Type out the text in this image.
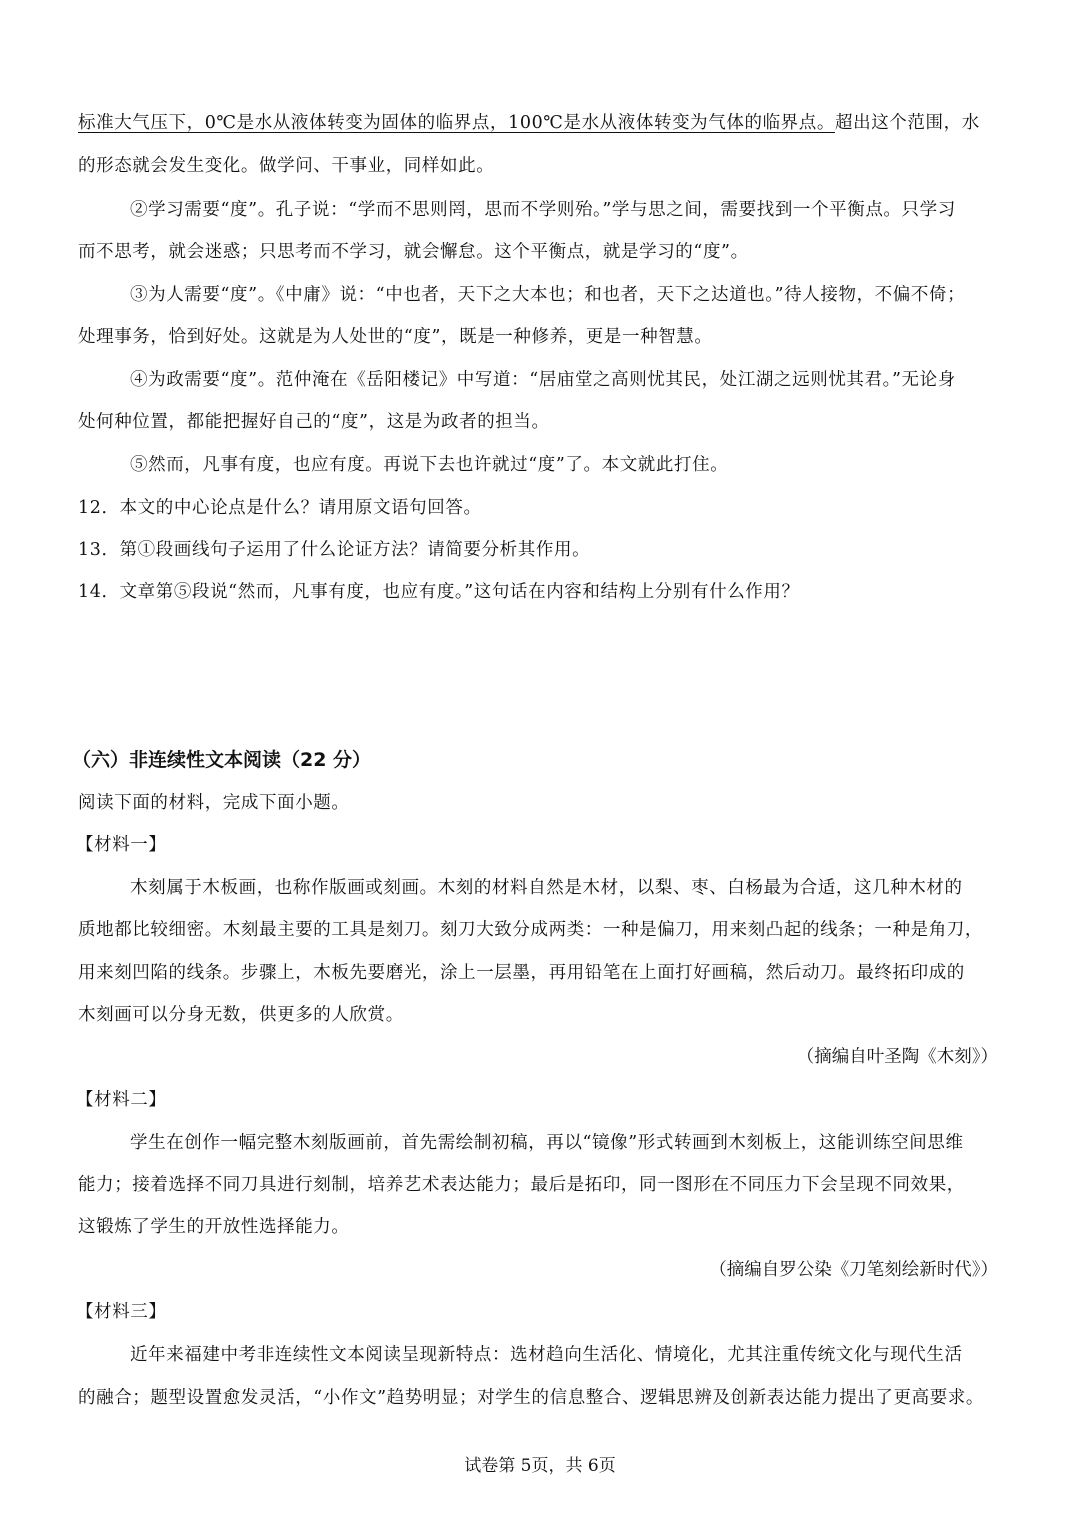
标准大气压下，0℃是水从液体转变为固体的临界点，100℃是水从液体转变为气体的临界点。超出这个范围，水
的形态就会发生变化。做学问、干事业，同样如此。
②学习需要“度”。孔子说：“学而不思则罔，思而不学则殆。”学与思之间，需要找到一个平衡点。只学习
而不思考，就会迷惑；只思考而不学习，就会懈怠。这个平衡点，就是学习的“度”。
③为人需要“度”。《中庸》说：“中也者，天下之大本也；和也者，天下之达道也。”待人接物，不偏不倚；
处理事务，恰到好处。这就是为人处世的“度”，既是一种修养，更是一种智慧。
④为政需要“度”。范仲淹在《岳阳楼记》中写道：“居庙堂之高则忧其民，处江湖之远则忧其君。”无论身
处何种位置，都能把握好自己的“度”，这是为政者的担当。
⑤然而，凡事有度，也应有度。再说下去也许就过“度”了。本文就此打住。
12．本文的中心论点是什么？请用原文语句回答。
13．第①段画线句子运用了什么论证方法？请简要分析其作用。
14．文章第⑤段说“然而，凡事有度，也应有度。”这句话在内容和结构上分别有什么作用？
（六）非连续性文本阅读（22 分）
阅读下面的材料，完成下面小题。
【材料一】
木刻属于木板画，也称作版画或刻画。木刻的材料自然是木材，以梨、枣、白杨最为合适，这几种木材的
质地都比较细密。木刻最主要的工具是刻刀。刻刀大致分成两类：一种是偏刀，用来刻凸起的线条；一种是角刀，
用来刻凹陷的线条。步骤上，木板先要磨光，涂上一层墨，再用铅笔在上面打好画稿，然后动刀。最终拓印成的
木刻画可以分身无数，供更多的人欣赏。
（摘编自叶圣陶《木刻》）
【材料二】
学生在创作一幅完整木刻版画前，首先需绘制初稿，再以“镜像”形式转画到木刻板上，这能训练空间思维
能力；接着选择不同刀具进行刻制，培养艺术表达能力；最后是拓印，同一图形在不同压力下会呈现不同效果，
这锻炼了学生的开放性选择能力。
（摘编自罗公染《刀笔刻绘新时代》）
【材料三】
近年来福建中考非连续性文本阅读呈现新特点：选材趋向生活化、情境化，尤其注重传统文化与现代生活
的融合；题型设置愈发灵活，“小作文”趋势明显；对学生的信息整合、逻辑思辨及创新表达能力提出了更高要求。
试卷第 5页，共 6页
